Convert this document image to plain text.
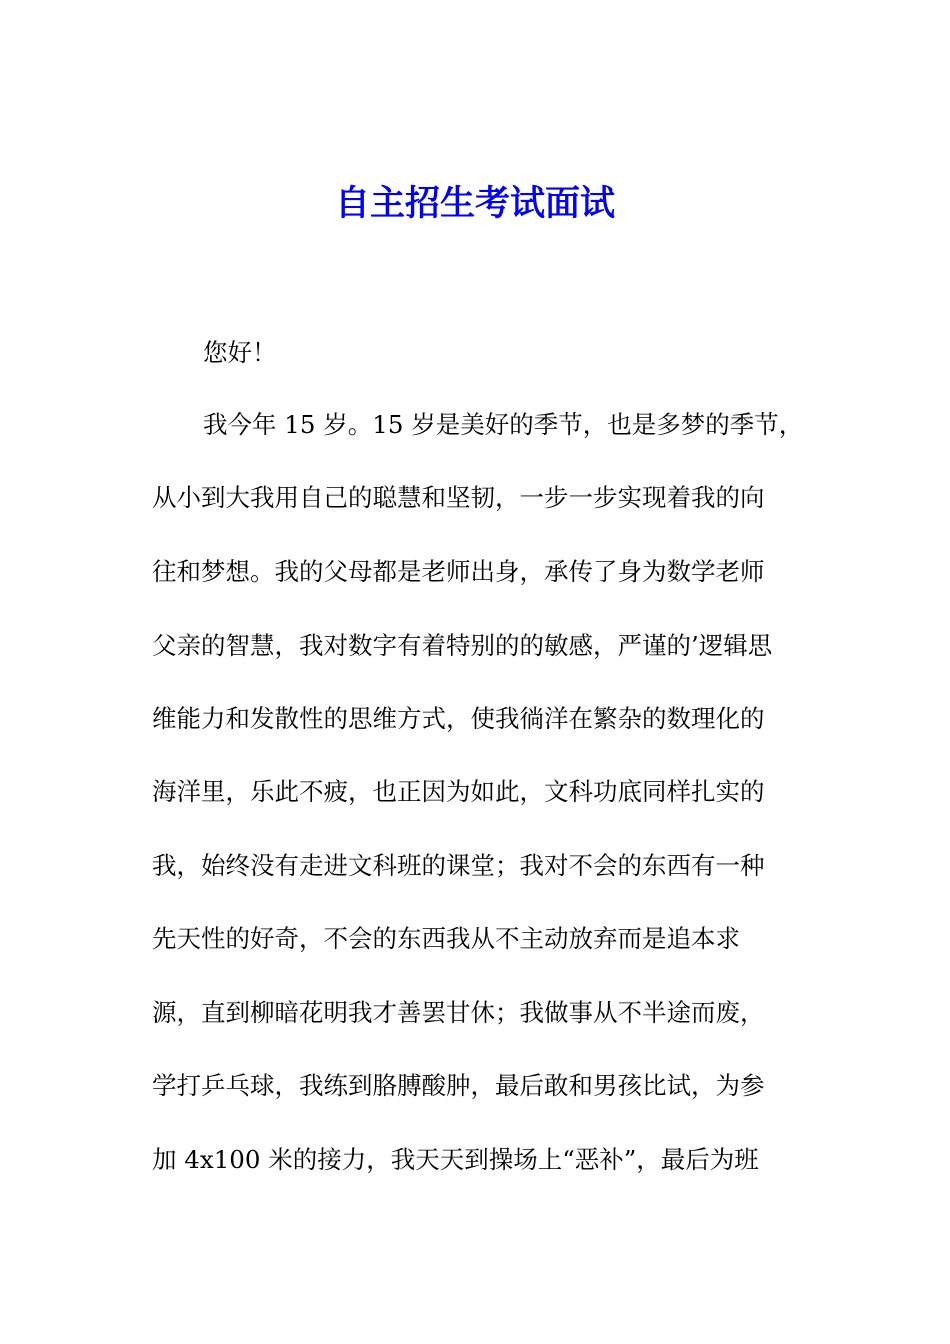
自主招生考试面试

您好！

我今年 15 岁。15 岁是美好的季节，也是多梦的季节，

从小到大我用自己的聪慧和坚韧，一步一步实现着我的向

往和梦想。我的父母都是老师出身，承传了身为数学老师

父亲的智慧，我对数字有着特别的的敏感，严谨的’逻辑思

维能力和发散性的思维方式，使我徜洋在繁杂的数理化的

海洋里，乐此不疲，也正因为如此，文科功底同样扎实的

我，始终没有走进文科班的课堂；我对不会的东西有一种

先天性的好奇，不会的东西我从不主动放弃而是追本求

源，直到柳暗花明我才善罢甘休；我做事从不半途而废，

学打乒乓球，我练到胳膊酸肿，最后敢和男孩比试，为参

加 4x100 米的接力，我天天到操场上“恶补”，最后为班
